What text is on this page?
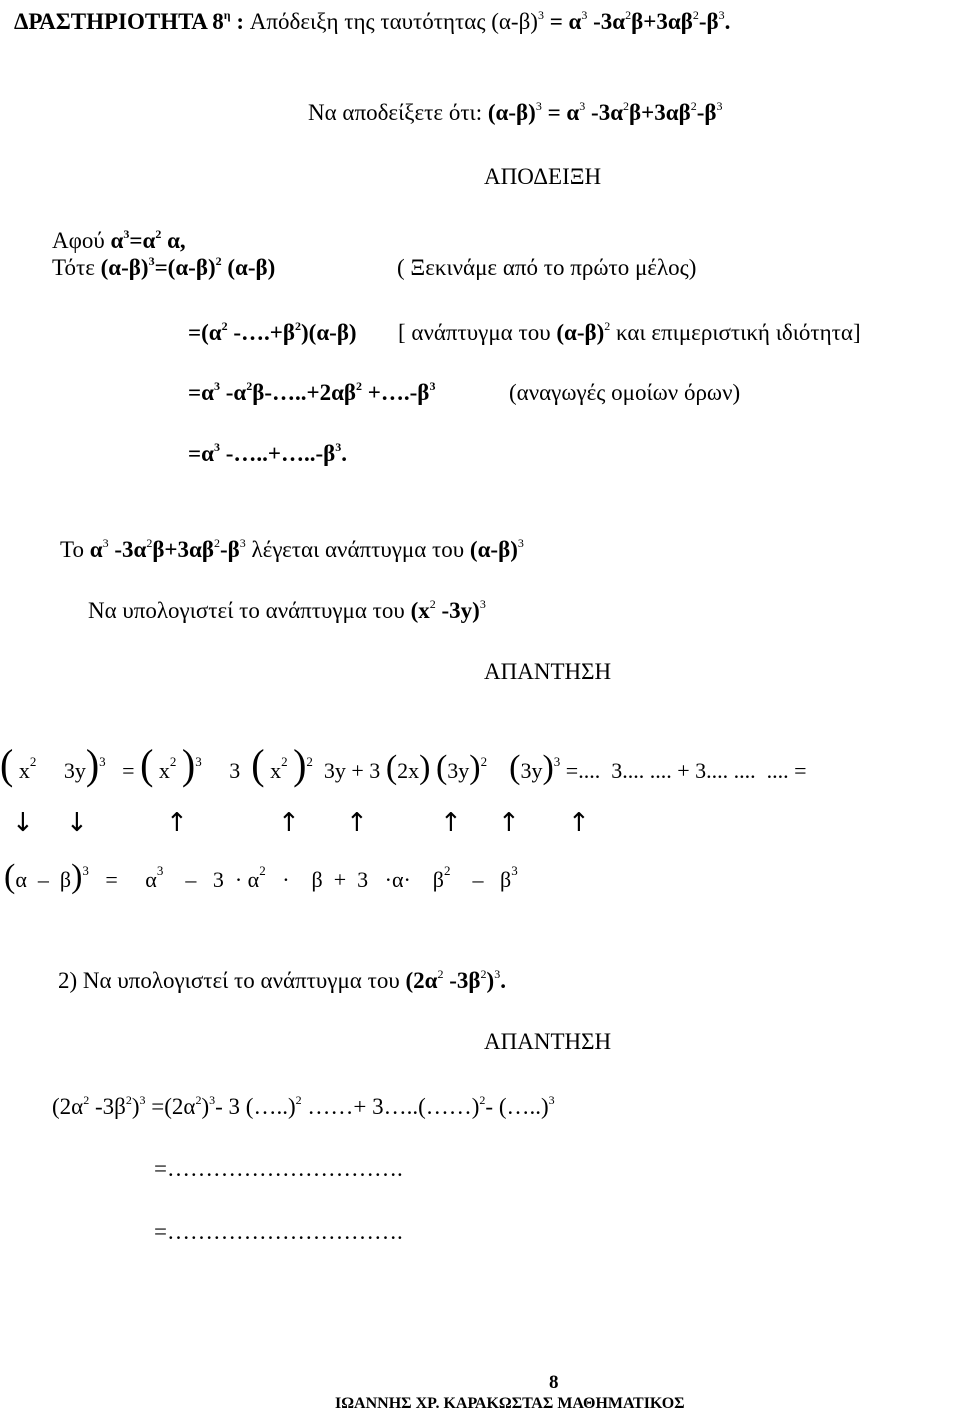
ΔΡΑΣΤΗΡΙΟΤΗΤΑ $8^\eta$ : Απόδειξη της ταυτότητας $(\alpha-\beta)^3 = \alpha^3$ $-3\alpha^2\beta+3\alpha\beta^2-\beta^3$.
Να αποδείξετε ότι: $(\alpha-\beta)^3 = \alpha^3$ $-3\alpha^2\beta+3\alpha\beta^2-\beta^3$
ΑΠΟΔΕΙΞΗ
Αφού $\alpha^3=\alpha^2$ α,
Τότε $(\alpha-\beta)^3=(\alpha-\beta)^2$ (α-β)	( Ξεκινάμε από το πρώτο μέλος)
$=(\alpha^2$ $-\dots.+\beta^2)(\alpha-\beta)$ [ ανάπτυγμα του $(\alpha-\beta)^2$ και επιμεριστική ιδιότητα]
$=\alpha^3$ $-\alpha^2\beta-\dots..+2\alpha\beta^2$ $+\dots.-\beta^3$	(αναγωγές ομοίων όρων)
$=\alpha^3$ $-\dots..+\dots..-\beta^3$.
Το $\alpha^3$ $-3\alpha^2\beta+3\alpha\beta^2-\beta^3$ λέγεται ανάπτυγμα του $(\alpha-\beta)^3$
Να υπολογιστεί το ανάπτυγμα του ($x^2$ -3y)$^3$
ΑΠΑΝΤΗΣΗ
( $x^2$     3y)$^3$   = ( $x^2$ )$^3$     3  ( $x^2$ )$^2$  3y + 3 (2x) $(3y)^2$ $(3y)^3$ =....  3.... .... + 3.... ....  .... =
↓ ↓	↑	↑ ↑	↑ ↑ ↑
(α  –  β)$^3$   =     $\alpha^3$    –   $3 \cdot \alpha^2$   ·    β  +  3   ·α·    $\beta^2$    –   $\beta^3$
2) Να υπολογιστεί το ανάπτυγμα του ($2\alpha^2$ $-3\beta^2)^3$.
ΑΠΑΝΤΗΣΗ
($2\alpha^2$ $-3\beta^2)^3 =(2\alpha^2)^3-$ 3 (…..)$^2$ ……+ 3…..(……)$^2$- (…..)$^3$
=………………………….
=………………………….
8
ΙΩΑΝΝΗΣ ΧΡ. ΚΑΡΑΚΩΣΤΑΣ ΜΑΘΗΜΑΤΙΚΟΣ
